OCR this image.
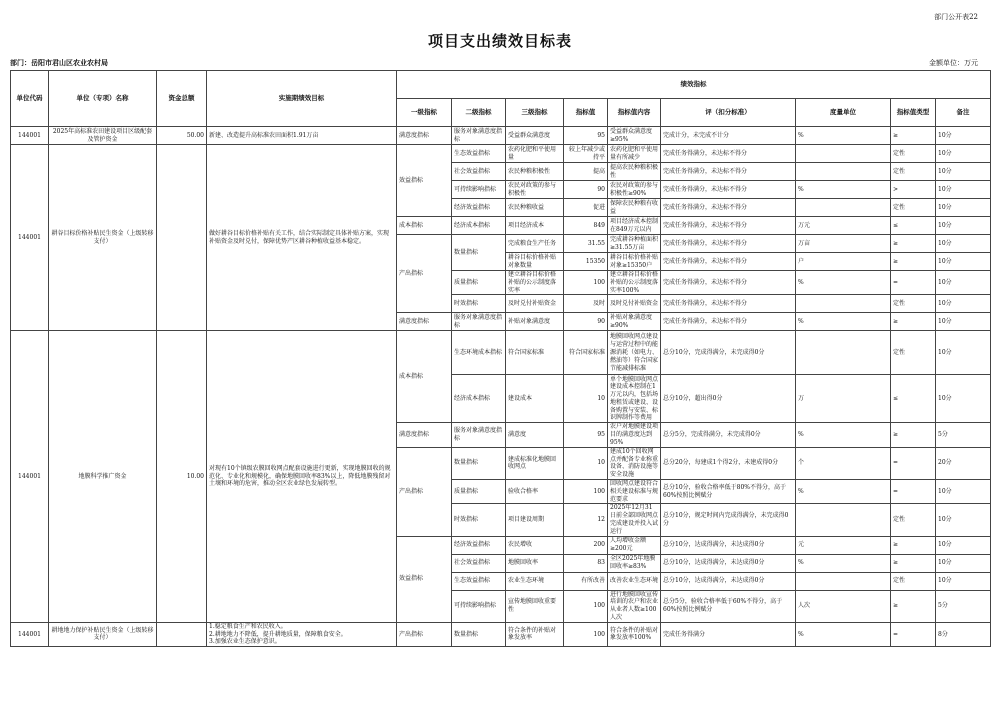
部门公开表22
项目支出绩效目标表
部门：岳阳市君山区农业农村局	金额单位：万元
单位代码	单位（专项）名称	资金总额	实施期绩效目标	绩效指标								
				一级指标	二级指标	三级指标	指标值	指标值内容	评（扣分标准）	度量单位	指标值类型	备注
144001	2025年高标准农田建设项目区级配套及管护资金	50.00	新建、改造提升高标准农田面积1.91万亩	满意度指标	服务对象满意度指标	受益群众满意度	95	受益群众满意度≥95%	完成计分，未完成不计分	%	≥	10分
144001	耕谷目标价格补贴民生资金（上级转移支付）		做好耕谷目标价格补贴有关工作，结合实际制定具体补贴方案，实现补贴资金及时兑付，保障优势产区耕谷种植收益基本稳定。	效益指标	生态效益指标	农药化肥和平使用量	较上年减少或持平	农药化肥和平使用量有所减少	完成任务得满分，未达标不得分		定性	10分
					社会效益指标	农民种粮积极性	提高	提高农民种粮积极性	完成任务得满分，未达标不得分		定性	10分
					可持续影响指标	农民对政策的参与积极性	90	农民对政策的参与积极性≥90%	完成任务得满分，未达标不得分	%	>	10分
					经济效益指标	农民种粮收益	促进	保障农民种粮有收益	完成任务得满分，未达标不得分		定性	10分
				成本指标	经济成本指标	项目经济成本	849	项目经济成本控制在849万元以内	完成任务得满分，未达标不得分	万元	≤	10分
				产出指标	数量指标	完成粮食生产任务	31.55	完成耕谷种植面积≥31.55万亩	完成任务得满分，未达标不得分	万亩	≥	10分
						耕谷目标价格补贴对象数量	15350	耕谷目标价格补贴对象≥15350户	完成任务得满分，未达标不得分	户	≥	10分
					质量指标	建立耕谷目标价格补贴的公示制度落实率	100	建立耕谷目标价格补贴的公示制度落实率100%	完成任务得满分，未达标不得分	%	=	10分
					时效指标	及时兑付补贴资金	及时	及时兑付补贴资金	完成任务得满分，未达标不得分		定性	10分
				满意度指标	服务对象满意度指标	补贴对象满意度	90	补贴对象满意度≥90%	完成任务得满分，未达标不得分	%	≥	10分
144001	地膜科学推广资金	10.00	对现有10个镇级农膜回收网点配套设施进行更新，实现地膜回收的规范化、专业化和规模化，确保地膜回收率83%以上，降低地膜残留对土壤和环境的危害，推动全区农业绿色发展转型。	成本指标	生态环境成本指标	符合国家标准	符合国家标准	地膜回收网点建设与运营过程中的能源消耗（如电力、燃油等）符合国家节能减排标准	总分10分，完成得满分，未完成得0分		定性	10分
					经济成本指标	建设成本	10	单个地膜回收网点建设成本控制在1万元以内，包括场地租赁或建设、设备购置与安装、标识牌制作等费用	总分10分，超出得0分	万	≤	10分
				满意度指标	服务对象满意度指标	满意度	95	农户对地膜建设项目的满意度达到95%	总分5分，完成得满分，未完成得0分	%	≥	5分
				产出指标	数量指标	建成标准化地膜回收网点	10	建成10个回收网点并配备专业称重设备、消防设施等安全设施	总分20分，每建成1个得2分，未建成得0分	个	=	20分
					质量指标	验收合格率	100	回收网点建设符合相关建设标准与规范要求	总分10分，验收合格率低于80%不得分，高于60%按照比例赋分	%	=	10分
					时效指标	项目建设周期	12	2025年12月31日前全部回收网点完成建设并投入试运行	总分10分，规定时间内完成得满分，未完成得0分		定性	10分
				效益指标	经济效益指标	农民增收	200	人均增收金额≥200元	总分10分，达成得满分，未达成得0分	元	≥	10分
					社会效益指标	地膜回收率	83	全区2025年地膜回收率≥83%	总分10分，达成得满分，未达成得0分	%	≥	10分
					生态效益指标	农业生态环境	有所改善	改善农业生态环境	总分10分，达成得满分，未达成得0分		定性	10分
					可持续影响指标	宣传地膜回收重要性	100	进行地膜回收宣传培训的农户和农业从业者人数≥100人次	总分5分，验收合格率低于60%不得分，高于60%按照比例赋分	人次	≥	5分
144001	耕地地力保护补贴民生资金（上级转移支付）		1.稳定粮食生产和农民收入。
2.耕地地力不降低，提升耕地质量，保障粮食安全。
3.加强农业生态保护意识。	产出指标	数量指标	符合条件的补贴对象发放率	100	符合条件的补贴对象发放率100%	完成任务得满分	%	=	8分
